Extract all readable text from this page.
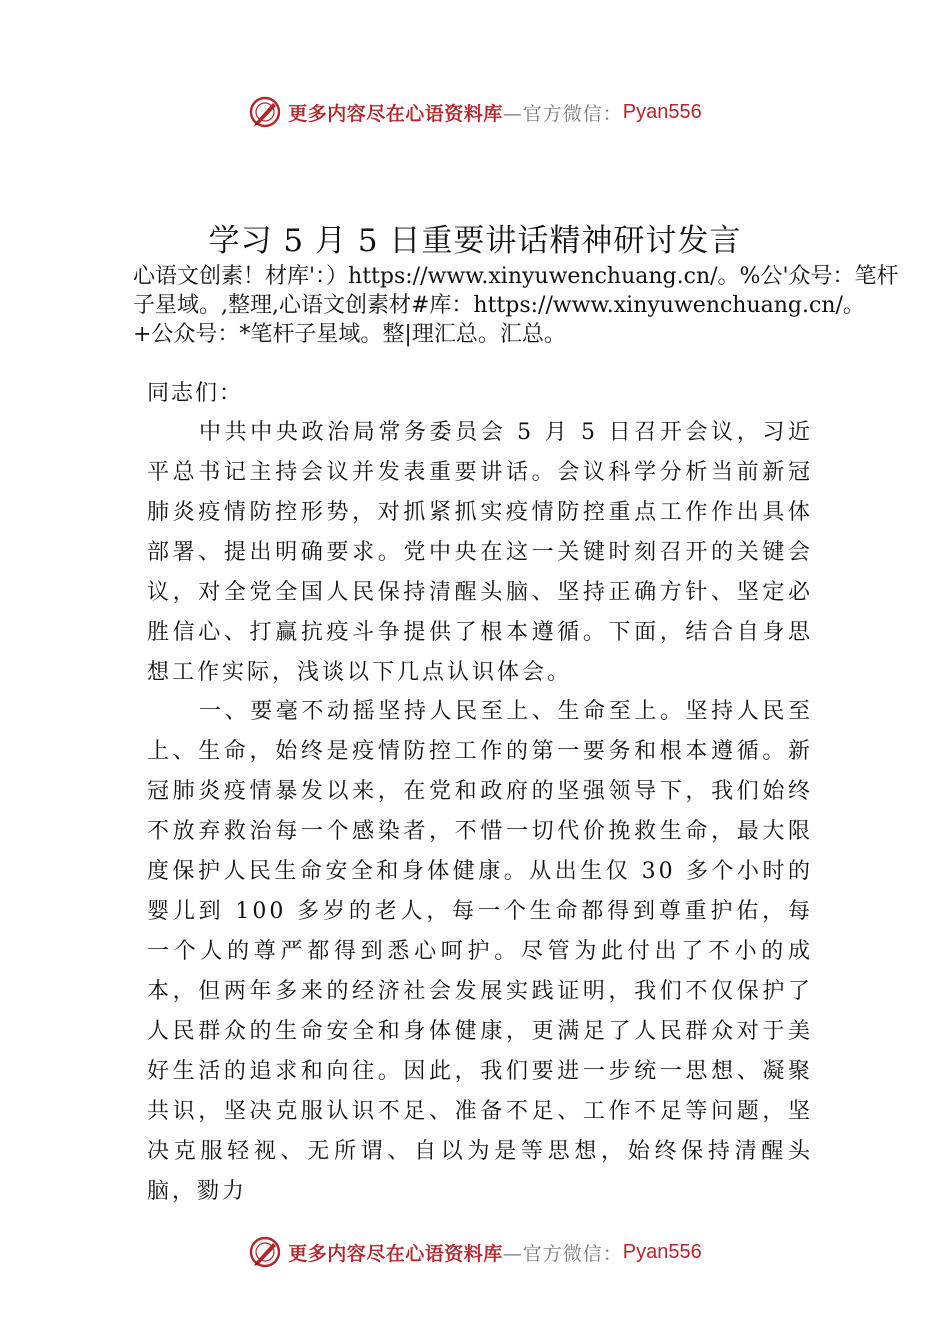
更多内容尽在心语资料库 —官方微信： Pyan556
学习 5 月 5 日重要讲话精神研讨发言
心语文创素！材库'：）https://www.xinyuwenchuang.cn/。%公'众号：笔杆子星域。,整理,心语文创素材#库：https://www.xinyuwenchuang.cn/。+公众号：*笔杆子星域。整|理汇总。汇总。
同志们：
中共中央政治局常务委员会 5 月 5 日召开会议，习近平总书记主持会议并发表重要讲话。会议科学分析当前新冠肺炎疫情防控形势，对抓紧抓实疫情防控重点工作作出具体部署、提出明确要求。党中央在这一关键时刻召开的关键会议，对全党全国人民保持清醒头脑、坚持正确方针、坚定必胜信心、打赢抗疫斗争提供了根本遵循。下面，结合自身思想工作实际，浅谈以下几点认识体会。
一、要毫不动摇坚持人民至上、生命至上。坚持人民至上、生命，始终是疫情防控工作的第一要务和根本遵循。新冠肺炎疫情暴发以来，在党和政府的坚强领导下，我们始终不放弃救治每一个感染者，不惜一切代价挽救生命，最大限度保护人民生命安全和身体健康。从出生仅 30 多个小时的婴儿到 100 多岁的老人，每一个生命都得到尊重护佑，每一个人的尊严都得到悉心呵护。尽管为此付出了不小的成本，但两年多来的经济社会发展实践证明，我们不仅保护了人民群众的生命安全和身体健康，更满足了人民群众对于美好生活的追求和向往。因此，我们要进一步统一思想、凝聚共识，坚决克服认识不足、准备不足、工作不足等问题，坚决克服轻视、无所谓、自以为是等思想，始终保持清醒头脑，勠力
更多内容尽在心语资料库 —官方微信： Pyan556
